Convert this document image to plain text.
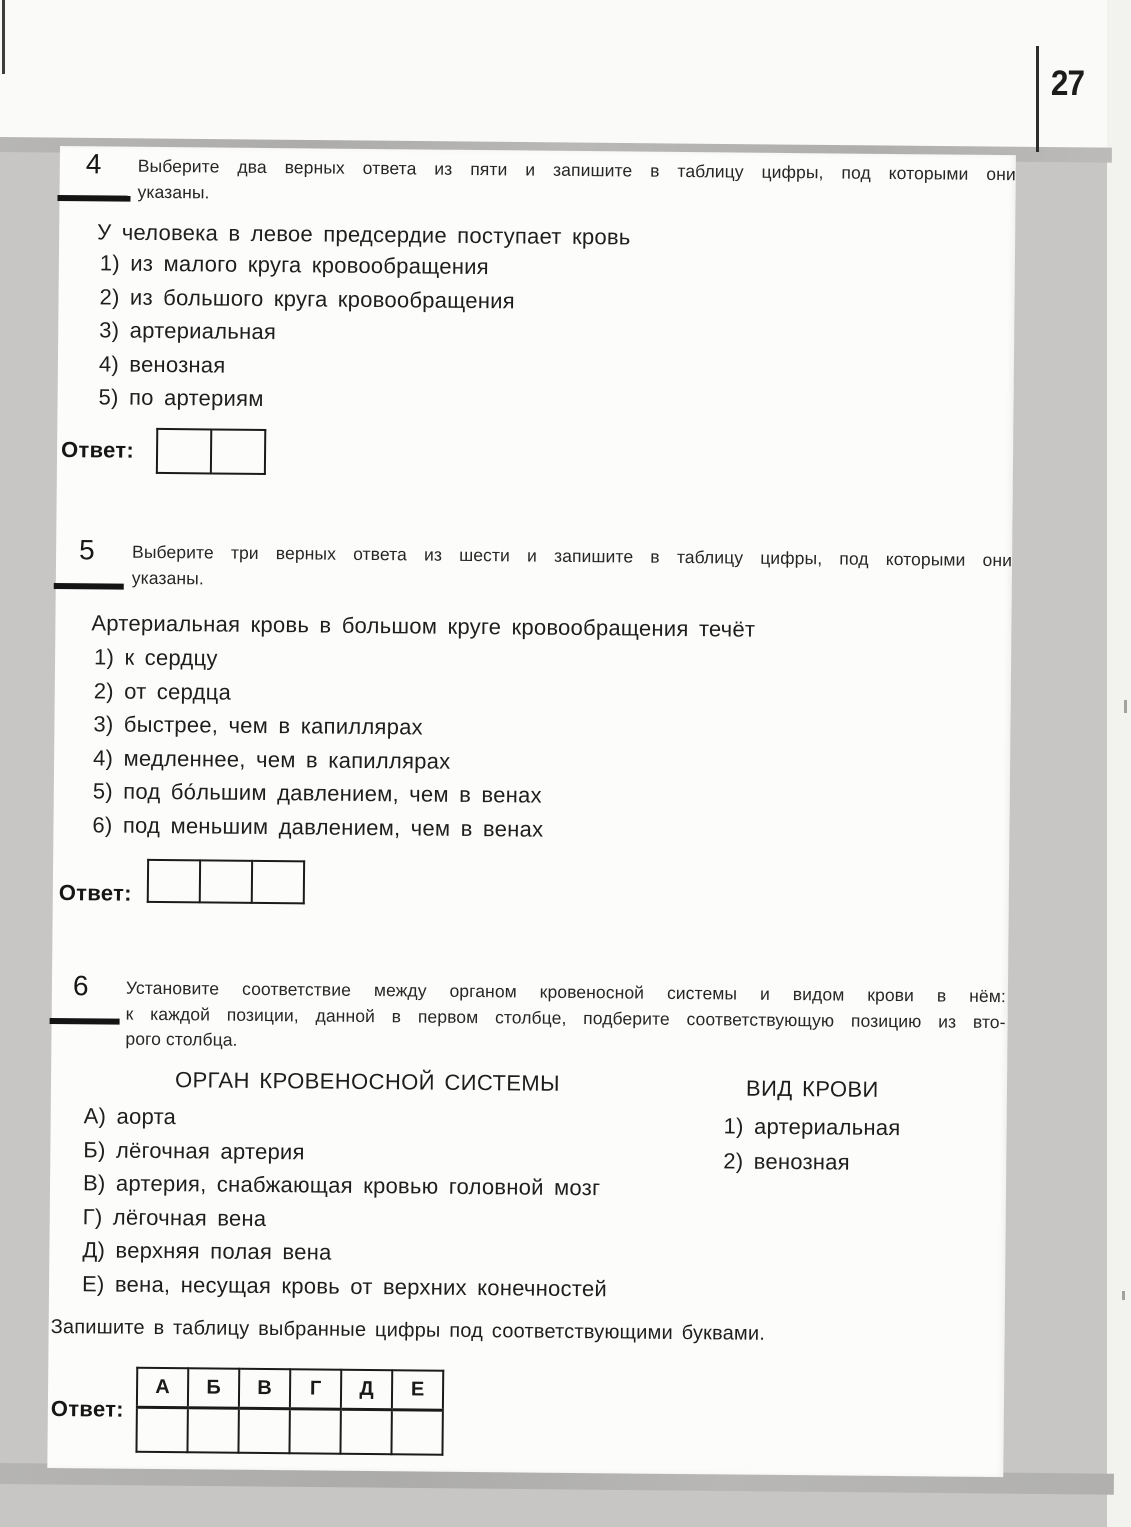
27
4 Выберите два верных ответа из пяти и запишите в таблицу цифры, под которыми они
указаны.
У человека в левое предсердие поступает кровь
1) из малого круга кровообращения
2) из большого круга кровообращения
3) артериальная
4) венозная
5) по артериям
Ответ:

5 Выберите три верных ответа из шести и запишите в таблицу цифры, под которыми они
указаны.
Артериальная кровь в большом круге кровообращения течёт
1) к сердцу
2) от сердца
3) быстрее, чем в капиллярах
4) медленнее, чем в капиллярах
5) под бо́льшим давлением, чем в венах
6) под меньшим давлением, чем в венах
Ответ:

6 Установите соответствие между органом кровеносной системы и видом крови в нём:
к каждой позиции, данной в первом столбце, подберите соответствующую позицию из вто-
рого столбца.
ОРГАН КРОВЕНОСНОЙ СИСТЕМЫ	ВИД КРОВИ
А) аорта
Б) лёгочная артерия
В) артерия, снабжающая кровью головной мозг
Г) лёгочная вена
Д) верхняя полая вена
Е) вена, несущая кровь от верхних конечностей
1) артериальная
2) венозная
Запишите в таблицу выбранные цифры под соответствующими буквами.
Ответ:
А	Б	В	Г	Д	Е
